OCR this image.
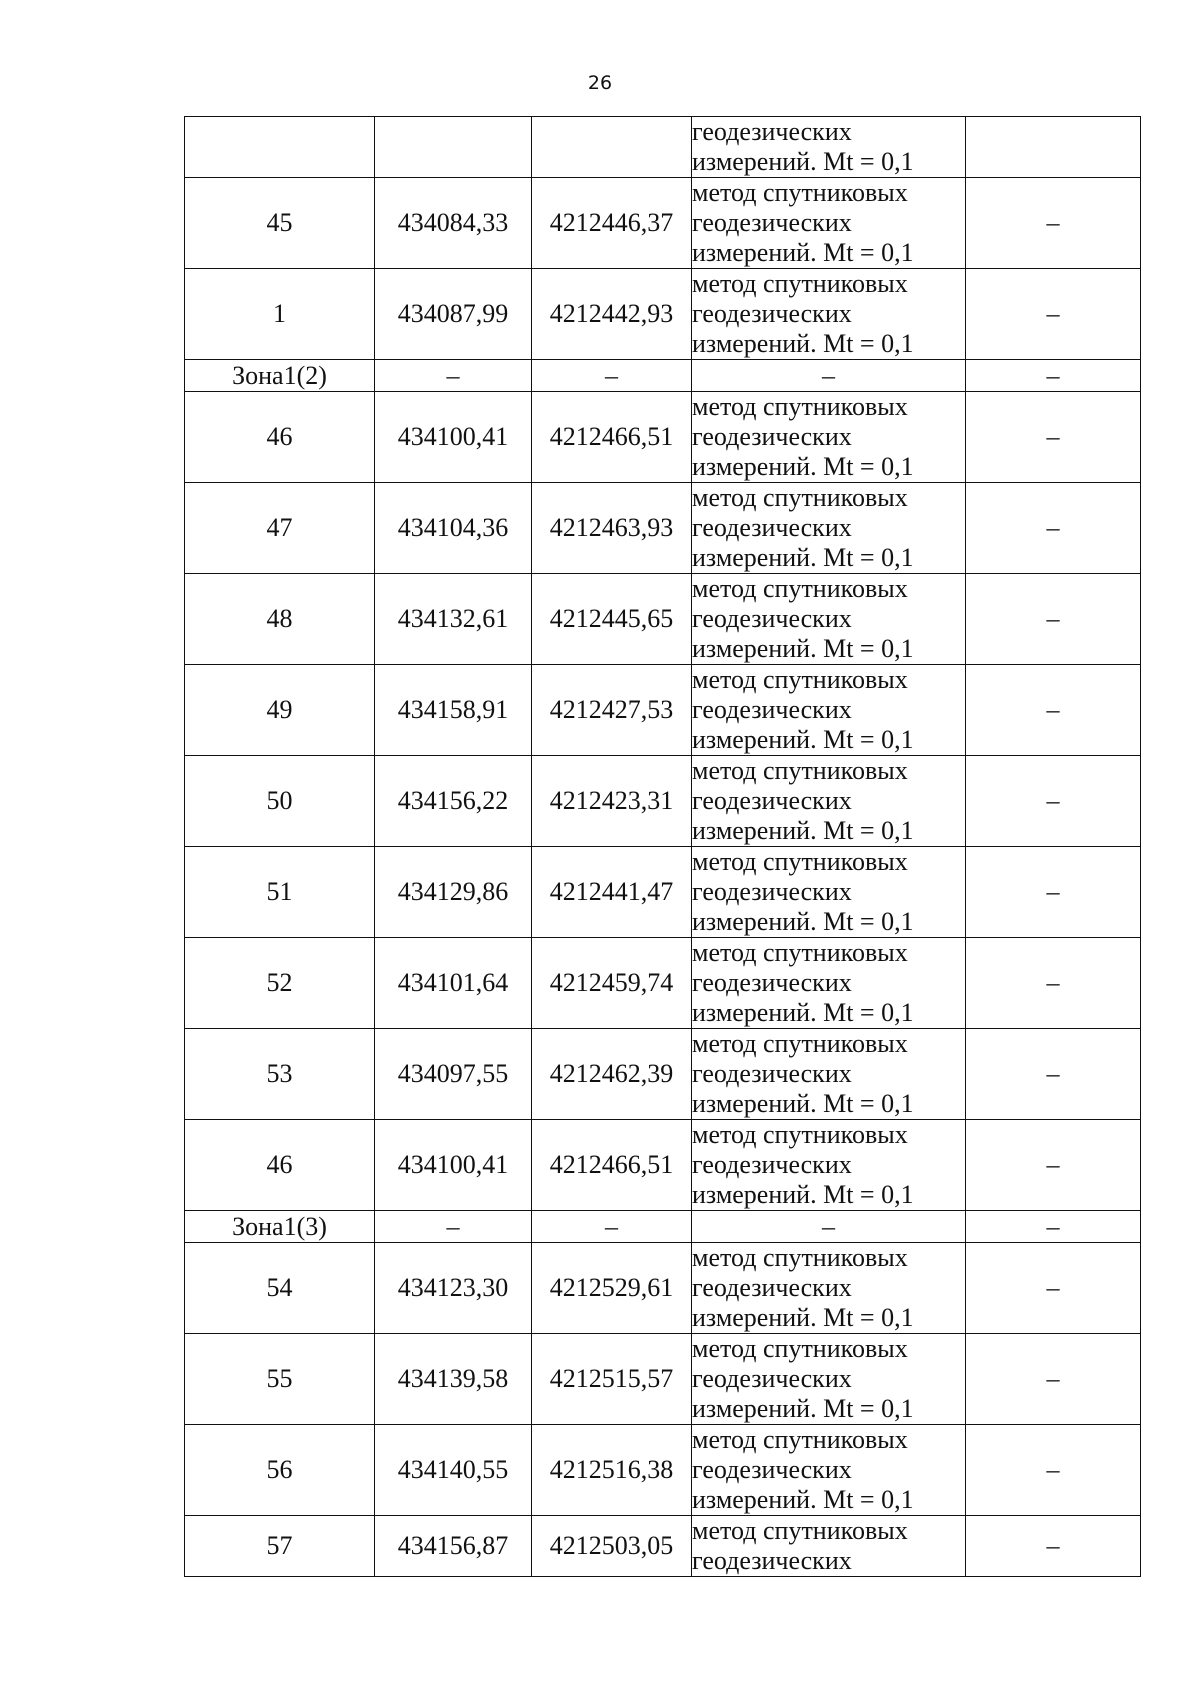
26

			геодезических
измерений. Mt = 0,1	

45	434084,33	4212446,37	метод спутниковых
геодезических
измерений. Mt = 0,1	–
1	434087,99	4212442,93	метод спутниковых
геодезических
измерений. Mt = 0,1	–
Зона1(2)	–	–	–	–
46	434100,41	4212466,51	метод спутниковых
геодезических
измерений. Mt = 0,1	–
47	434104,36	4212463,93	метод спутниковых
геодезических
измерений. Mt = 0,1	–
48	434132,61	4212445,65	метод спутниковых
геодезических
измерений. Mt = 0,1	–
49	434158,91	4212427,53	метод спутниковых
геодезических
измерений. Mt = 0,1	–
50	434156,22	4212423,31	метод спутниковых
геодезических
измерений. Mt = 0,1	–
51	434129,86	4212441,47	метод спутниковых
геодезических
измерений. Mt = 0,1	–
52	434101,64	4212459,74	метод спутниковых
геодезических
измерений. Mt = 0,1	–
53	434097,55	4212462,39	метод спутниковых
геодезических
измерений. Mt = 0,1	–
46	434100,41	4212466,51	метод спутниковых
геодезических
измерений. Mt = 0,1	–
Зона1(3)	–	–	–	–
54	434123,30	4212529,61	метод спутниковых
геодезических
измерений. Mt = 0,1	–
55	434139,58	4212515,57	метод спутниковых
геодезических
измерений. Mt = 0,1	–
56	434140,55	4212516,38	метод спутниковых
геодезических
измерений. Mt = 0,1	–
57	434156,87	4212503,05	метод спутниковых
геодезических	–
